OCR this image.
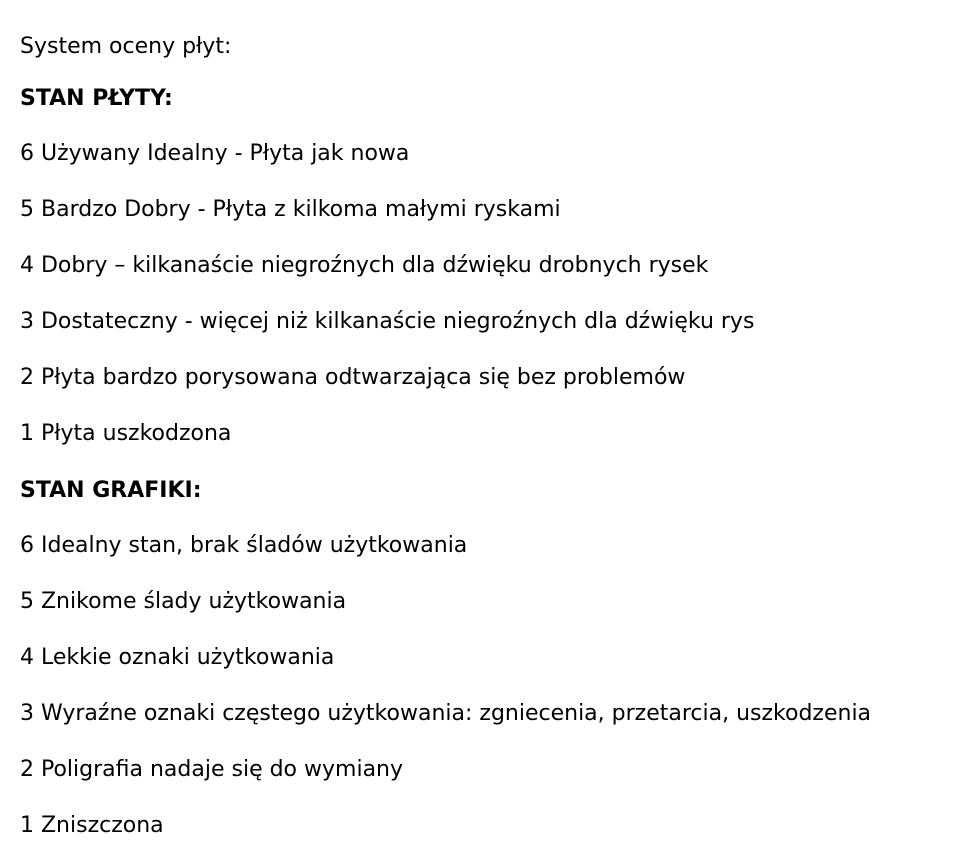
System oceny płyt:

STAN PŁYTY:

6 Używany Idealny - Płyta jak nowa

5 Bardzo Dobry - Płyta z kilkoma małymi ryskami

4 Dobry – kilkanaście niegroźnych dla dźwięku drobnych rysek

3 Dostateczny - więcej niż kilkanaście niegroźnych dla dźwięku rys

2 Płyta bardzo porysowana odtwarzająca się bez problemów

1 Płyta uszkodzona

STAN GRAFIKI:

6 Idealny stan, brak śladów użytkowania

5 Znikome ślady użytkowania

4 Lekkie oznaki użytkowania

3 Wyraźne oznaki częstego użytkowania: zgniecenia, przetarcia, uszkodzenia

2 Poligrafia nadaje się do wymiany

1 Zniszczona
